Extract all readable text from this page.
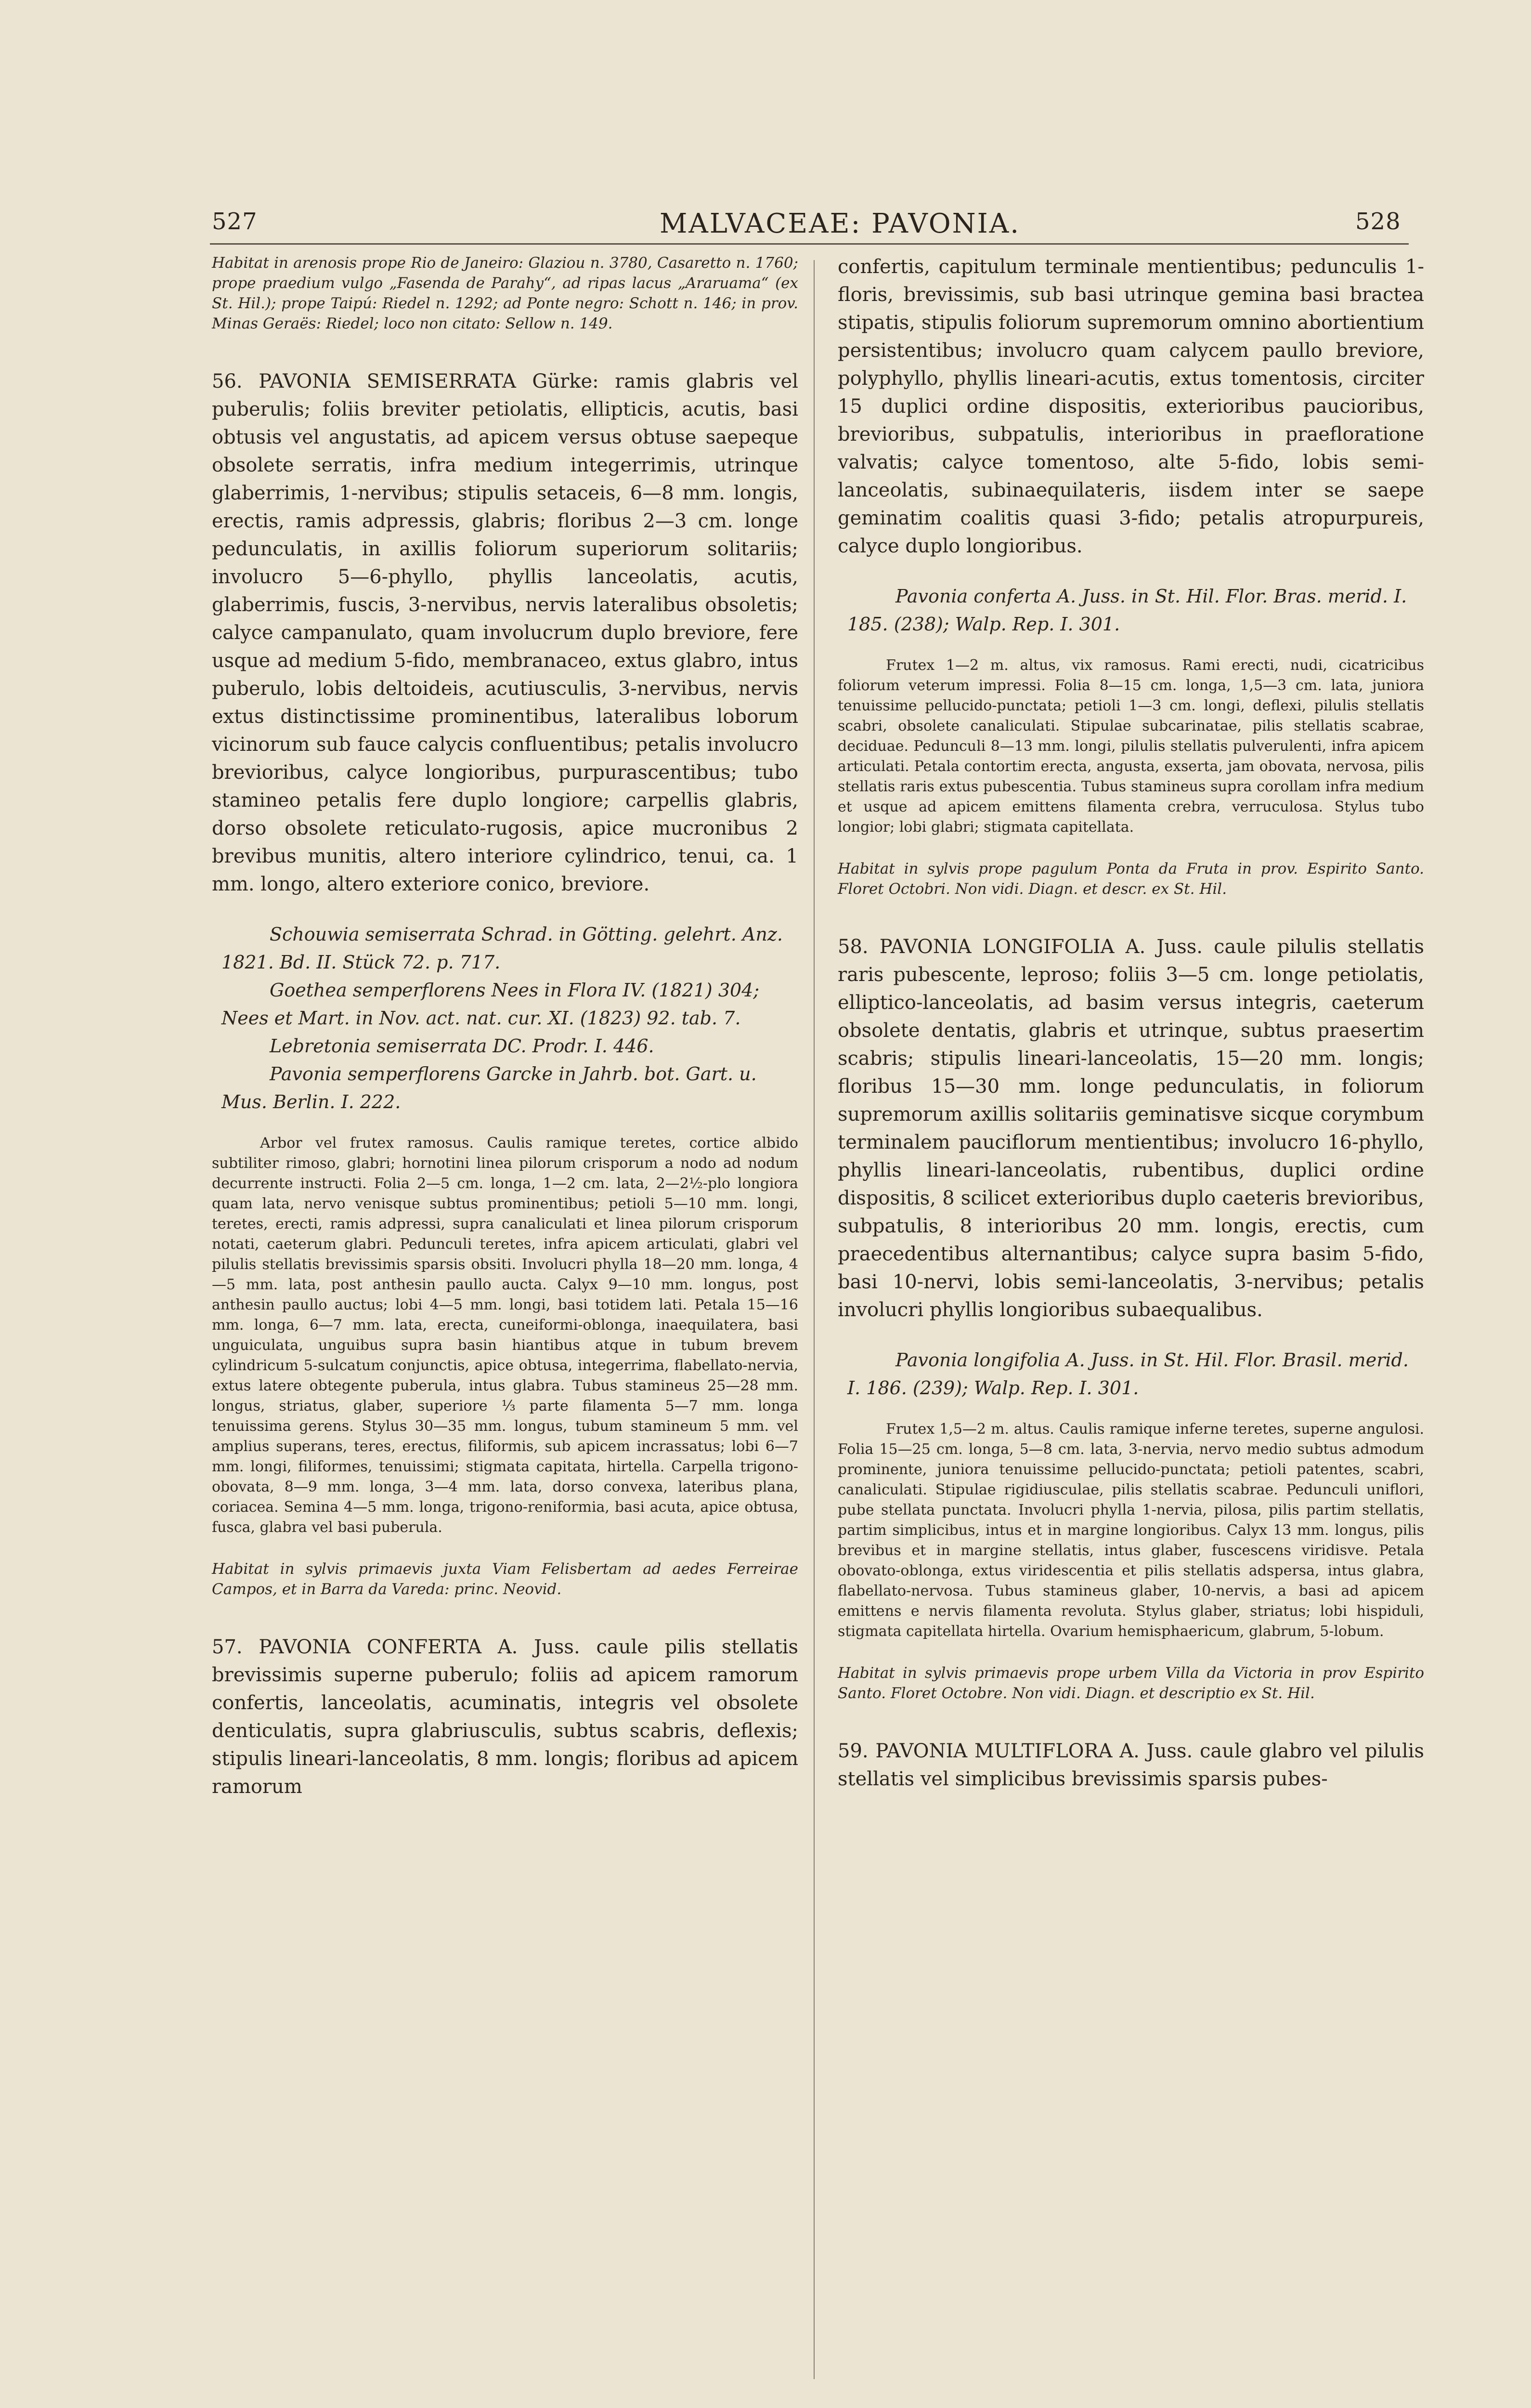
527	MALVACEAE: PAVONIA.	528

Habitat in arenosis prope Rio de Janeiro: Glaziou n. 3780, Casaretto n. 1760; prope praedium vulgo „Fasenda de Parahy“, ad ripas lacus „Araruama“ (ex St. Hil.); prope Taipú: Riedel n. 1292; ad Ponte negro: Schott n. 146; in prov. Minas Geraës: Riedel; loco non citato: Sellow n. 149.

56. PAVONIA SEMISERRATA Gürke: ramis glabris vel puberulis; foliis breviter petiolatis, ellipticis, acutis, basi obtusis vel angustatis, ad apicem versus obtuse saepeque obsolete serratis, infra medium integerrimis, utrinque glaberrimis, 1-nervibus; stipulis setaceis, 6—8 mm. longis, erectis, ramis adpressis, glabris; floribus 2—3 cm. longe pedunculatis, in axillis foliorum superiorum solitariis; involucro 5—6-phyllo, phyllis lanceolatis, acutis, glaberrimis, fuscis, 3-nervibus, nervis lateralibus obsoletis; calyce campanulato, quam involucrum duplo breviore, fere usque ad medium 5-fido, membranaceo, extus glabro, intus puberulo, lobis deltoideis, acutiusculis, 3-nervibus, nervis extus distinctissime prominentibus, lateralibus loborum vicinorum sub fauce calycis confluentibus; petalis involucro brevioribus, calyce longioribus, purpurascentibus; tubo stamineo petalis fere duplo longiore; carpellis glabris, dorso obsolete reticulato-rugosis, apice mucronibus 2 brevibus munitis, altero interiore cylindrico, tenui, ca. 1 mm. longo, altero exteriore conico, breviore.

Schouwia semiserrata Schrad. in Götting. gelehrt. Anz. 1821. Bd. II. Stück 72. p. 717.
Goethea semperflorens Nees in Flora IV. (1821) 304; Nees et Mart. in Nov. act. nat. cur. XI. (1823) 92. tab. 7.
Lebretonia semiserrata DC. Prodr. I. 446.
Pavonia semperflorens Garcke in Jahrb. bot. Gart. u. Mus. Berlin. I. 222.

Arbor vel frutex ramosus. Caulis ramique teretes, cortice albido subtiliter rimoso, glabri; hornotini linea pilorum crisporum a nodo ad nodum decurrente instructi. Folia 2—5 cm. longa, 1—2 cm. lata, 2—2½-plo longiora quam lata, nervo venisque subtus prominentibus; petioli 5—10 mm. longi, teretes, erecti, ramis adpressi, supra canaliculati et linea pilorum crisporum notati, caeterum glabri. Pedunculi teretes, infra apicem articulati, glabri vel pilulis stellatis brevissimis sparsis obsiti. Involucri phylla 18—20 mm. longa, 4—5 mm. lata, post anthesin paullo aucta. Calyx 9—10 mm. longus, post anthesin paullo auctus; lobi 4—5 mm. longi, basi totidem lati. Petala 15—16 mm. longa, 6—7 mm. lata, erecta, cuneiformi-oblonga, inaequilatera, basi unguiculata, unguibus supra basin hiantibus atque in tubum brevem cylindricum 5-sulcatum conjunctis, apice obtusa, integerrima, flabellato-nervia, extus latere obtegente puberula, intus glabra. Tubus stamineus 25—28 mm. longus, striatus, glaber, superiore ⅓ parte filamenta 5—7 mm. longa tenuissima gerens. Stylus 30—35 mm. longus, tubum stamineum 5 mm. vel amplius superans, teres, erectus, filiformis, sub apicem incrassatus; lobi 6—7 mm. longi, filiformes, tenuissimi; stigmata capitata, hirtella. Carpella trigono-obovata, 8—9 mm. longa, 3—4 mm. lata, dorso convexa, lateribus plana, coriacea. Semina 4—5 mm. longa, trigono-reniformia, basi acuta, apice obtusa, fusca, glabra vel basi puberula.

Habitat in sylvis primaevis juxta Viam Felisbertam ad aedes Ferreirae Campos, et in Barra da Vareda: princ. Neovid.

57. PAVONIA CONFERTA A. Juss. caule pilis stellatis brevissimis superne puberulo; foliis ad apicem ramorum confertis, lanceolatis, acuminatis, integris vel obsolete denticulatis, supra glabriusculis, subtus scabris, deflexis; stipulis lineari-lanceolatis, 8 mm. longis; floribus ad apicem ramorum

confertis, capitulum terminale mentientibus; pedunculis 1-floris, brevissimis, sub basi utrinque gemina basi bractea stipatis, stipulis foliorum supremorum omnino abortientium persistentibus; involucro quam calycem paullo breviore, polyphyllo, phyllis lineari-acutis, extus tomentosis, circiter 15 duplici ordine dispositis, exterioribus paucioribus, brevioribus, subpatulis, interioribus in praefloratione valvatis; calyce tomentoso, alte 5-fido, lobis semi-lanceolatis, subinaequilateris, iisdem inter se saepe geminatim coalitis quasi 3-fido; petalis atropurpureis, calyce duplo longioribus.

Pavonia conferta A. Juss. in St. Hil. Flor. Bras. merid. I. 185. (238); Walp. Rep. I. 301.

Frutex 1—2 m. altus, vix ramosus. Rami erecti, nudi, cicatricibus foliorum veterum impressi. Folia 8—15 cm. longa, 1,5—3 cm. lata, juniora tenuissime pellucido-punctata; petioli 1—3 cm. longi, deflexi, pilulis stellatis scabri, obsolete canaliculati. Stipulae subcarinatae, pilis stellatis scabrae, deciduae. Pedunculi 8—13 mm. longi, pilulis stellatis pulverulenti, infra apicem articulati. Petala contortim erecta, angusta, exserta, jam obovata, nervosa, pilis stellatis raris extus pubescentia. Tubus stamineus supra corollam infra medium et usque ad apicem emittens filamenta crebra, verruculosa. Stylus tubo longior; lobi glabri; stigmata capitellata.

Habitat in sylvis prope pagulum Ponta da Fruta in prov. Espirito Santo. Floret Octobri. Non vidi. Diagn. et descr. ex St. Hil.

58. PAVONIA LONGIFOLIA A. Juss. caule pilulis stellatis raris pubescente, leproso; foliis 3—5 cm. longe petiolatis, elliptico-lanceolatis, ad basim versus integris, caeterum obsolete dentatis, glabris et utrinque, subtus praesertim scabris; stipulis lineari-lanceolatis, 15—20 mm. longis; floribus 15—30 mm. longe pedunculatis, in foliorum supremorum axillis solitariis geminatisve sicque corymbum terminalem pauciflorum mentientibus; involucro 16-phyllo, phyllis lineari-lanceolatis, rubentibus, duplici ordine dispositis, 8 scilicet exterioribus duplo caeteris brevioribus, subpatulis, 8 interioribus 20 mm. longis, erectis, cum praecedentibus alternantibus; calyce supra basim 5-fido, basi 10-nervi, lobis semi-lanceolatis, 3-nervibus; petalis involucri phyllis longioribus subaequalibus.

Pavonia longifolia A. Juss. in St. Hil. Flor. Brasil. merid. I. 186. (239); Walp. Rep. I. 301.

Frutex 1,5—2 m. altus. Caulis ramique inferne teretes, superne angulosi. Folia 15—25 cm. longa, 5—8 cm. lata, 3-nervia, nervo medio subtus admodum prominente, juniora tenuissime pellucido-punctata; petioli patentes, scabri, canaliculati. Stipulae rigidiusculae, pilis stellatis scabrae. Pedunculi uniflori, pube stellata punctata. Involucri phylla 1-nervia, pilosa, pilis partim stellatis, partim simplicibus, intus et in margine longioribus. Calyx 13 mm. longus, pilis brevibus et in margine stellatis, intus glaber, fuscescens viridisve. Petala obovato-oblonga, extus viridescentia et pilis stellatis adspersa, intus glabra, flabellato-nervosa. Tubus stamineus glaber, 10-nervis, a basi ad apicem emittens e nervis filamenta revoluta. Stylus glaber, striatus; lobi hispiduli, stigmata capitellata hirtella. Ovarium hemisphaericum, glabrum, 5-lobum.

Habitat in sylvis primaevis prope urbem Villa da Victoria in prov Espirito Santo. Floret Octobre. Non vidi. Diagn. et descriptio ex St. Hil.

59. PAVONIA MULTIFLORA A. Juss. caule glabro vel pilulis stellatis vel simplicibus brevissimis sparsis pubes-
